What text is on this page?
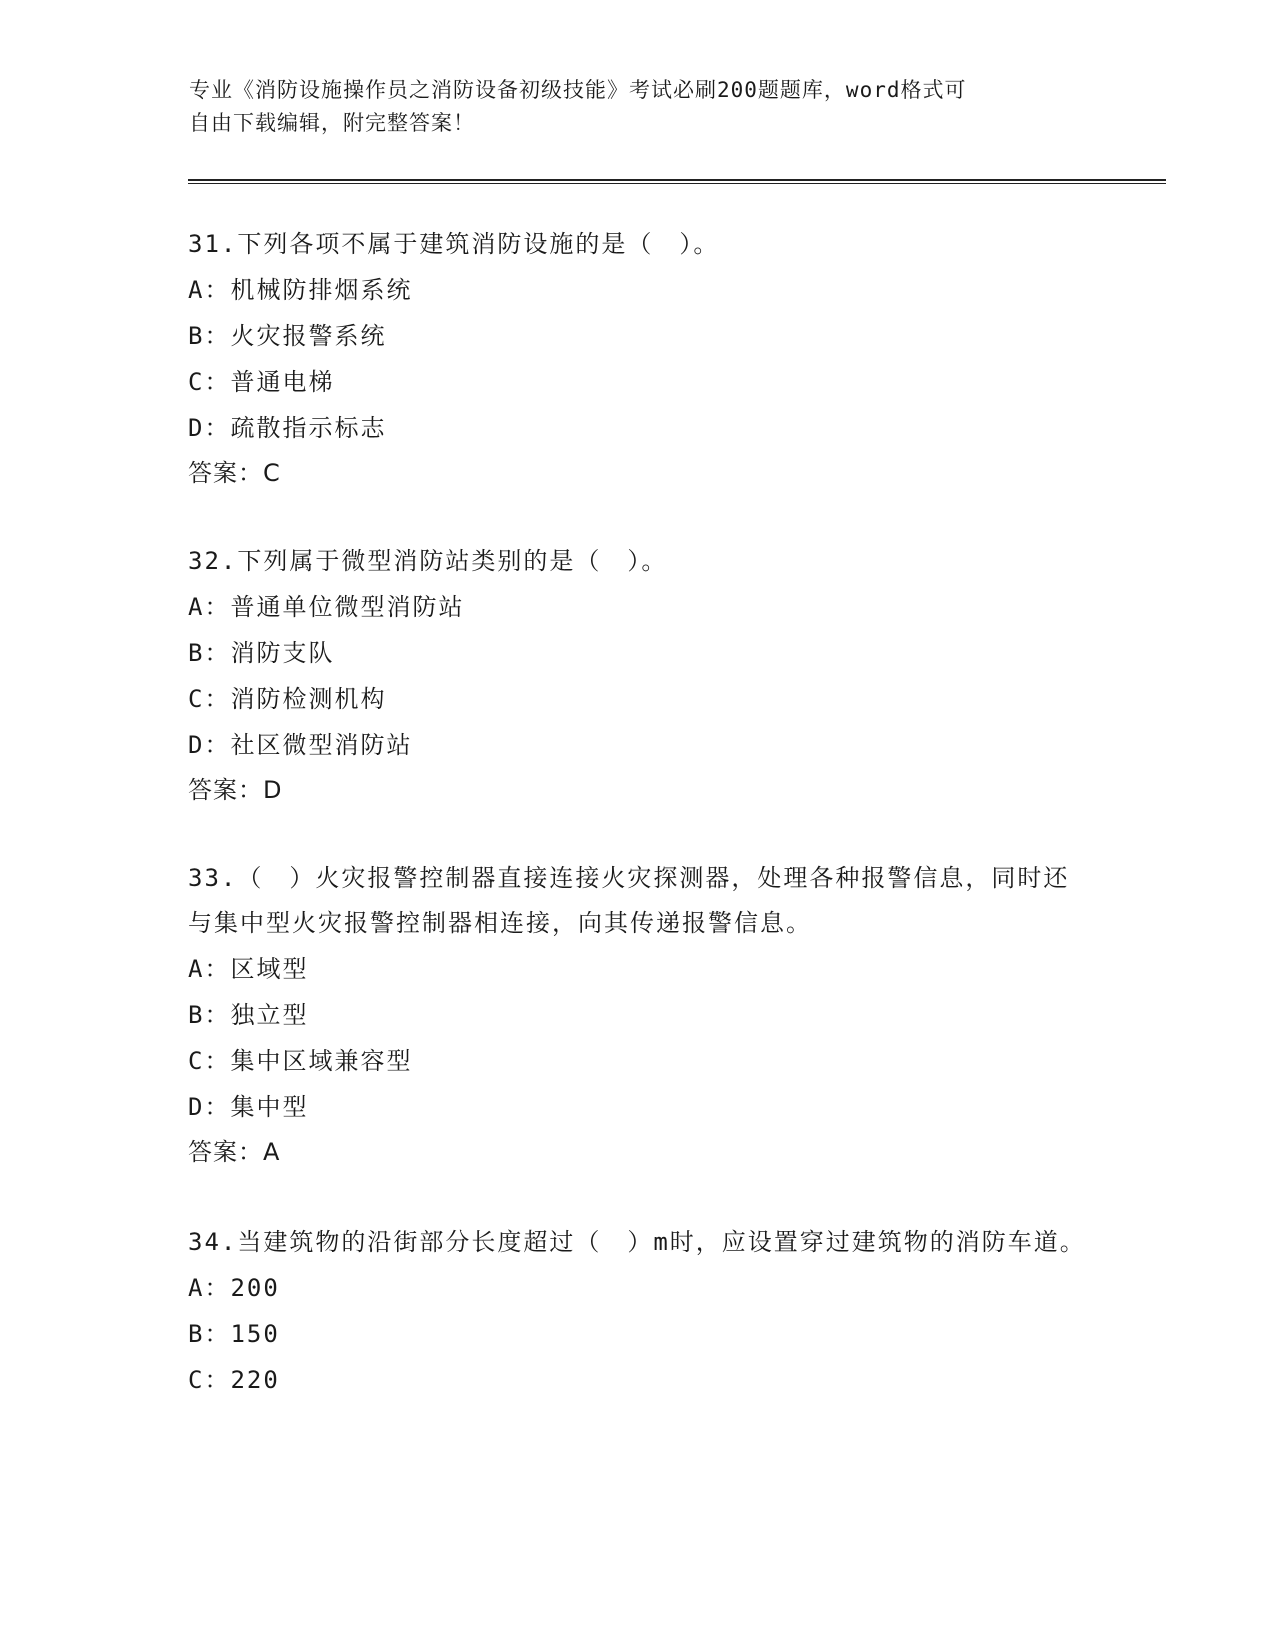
专业《消防设施操作员之消防设备初级技能》考试必刷200题题库，word格式可
自由下载编辑，附完整答案！
31.下列各项不属于建筑消防设施的是（　）。
A：机械防排烟系统
B：火灾报警系统
C：普通电梯
D：疏散指示标志
答案：C
32.下列属于微型消防站类别的是（　）。
A：普通单位微型消防站
B：消防支队
C：消防检测机构
D：社区微型消防站
答案：D
33.（　）火灾报警控制器直接连接火灾探测器，处理各种报警信息，同时还与集中型火灾报警控制器相连接，向其传递报警信息。
A：区域型
B：独立型
C：集中区域兼容型
D：集中型
答案：A
34.当建筑物的沿街部分长度超过（　）m时，应设置穿过建筑物的消防车道。
A：200
B：150
C：220
